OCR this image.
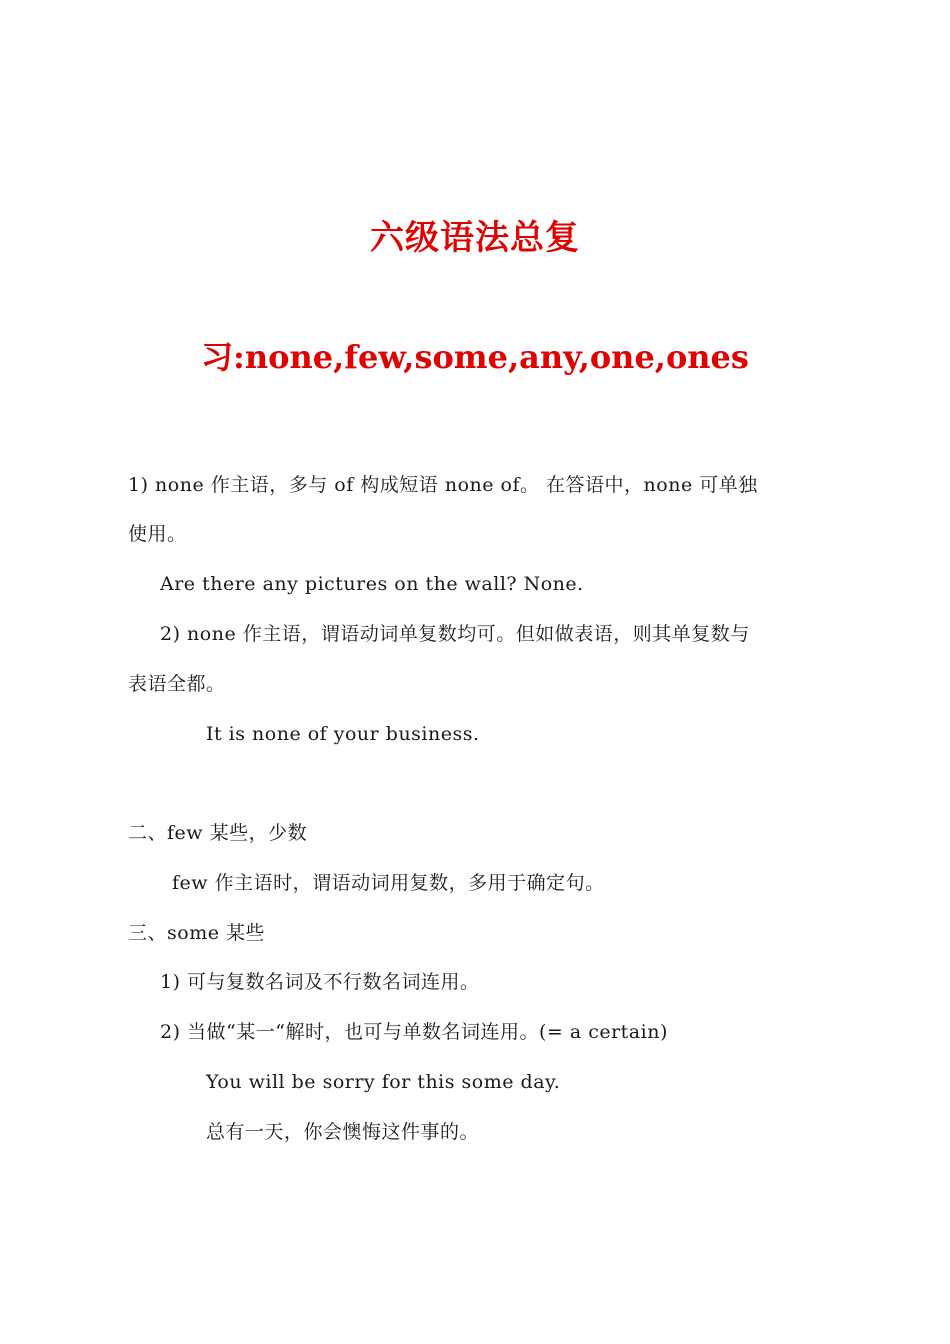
六级语法总复
习:none,few,some,any,one,ones
1) none 作主语，多与 of 构成短语 none of。 在答语中，none 可单独
使用。
Are there any pictures on the wall? None.
2) none 作主语，谓语动词单复数均可。但如做表语，则其单复数与
表语全都。
It is none of your business.
二、few 某些，少数
few 作主语时，谓语动词用复数，多用于确定句。
三、some 某些
1) 可与复数名词及不行数名词连用。
2) 当做“某一“解时，也可与单数名词连用。(= a certain)
You will be sorry for this some day.
总有一天，你会懊悔这件事的。
